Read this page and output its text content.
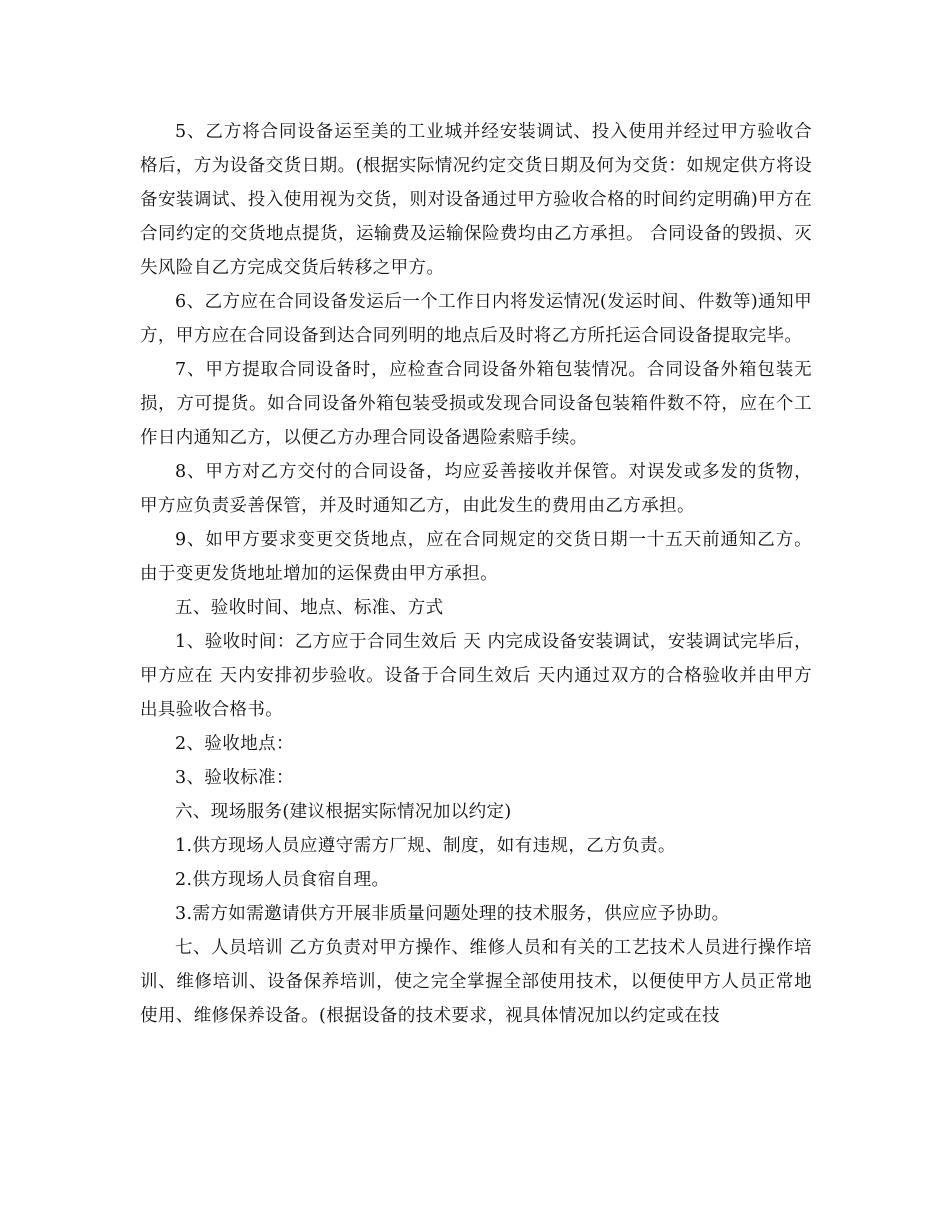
5、乙方将合同设备运至美的工业城并经安装调试、投入使用并经过甲方验收合格后，方为设备交货日期。(根据实际情况约定交货日期及何为交货：如规定供方将设备安装调试、投入使用视为交货，则对设备通过甲方验收合格的时间约定明确)甲方在合同约定的交货地点提货，运输费及运输保险费均由乙方承担。 合同设备的毁损、灭失风险自乙方完成交货后转移之甲方。

6、乙方应在合同设备发运后一个工作日内将发运情况(发运时间、件数等)通知甲方，甲方应在合同设备到达合同列明的地点后及时将乙方所托运合同设备提取完毕。

7、甲方提取合同设备时，应检查合同设备外箱包装情况。合同设备外箱包装无损，方可提货。如合同设备外箱包装受损或发现合同设备包装箱件数不符，应在个工作日内通知乙方，以便乙方办理合同设备遇险索赔手续。

8、甲方对乙方交付的合同设备，均应妥善接收并保管。对误发或多发的货物，甲方应负责妥善保管，并及时通知乙方，由此发生的费用由乙方承担。

9、如甲方要求变更交货地点，应在合同规定的交货日期一十五天前通知乙方。由于变更发货地址增加的运保费由甲方承担。

五、验收时间、地点、标准、方式

1、验收时间：乙方应于合同生效后 天 内完成设备安装调试，安装调试完毕后，甲方应在 天内安排初步验收。设备于合同生效后 天内通过双方的合格验收并由甲方出具验收合格书。

2、验收地点：

3、验收标准：

六、现场服务(建议根据实际情况加以约定)

1.供方现场人员应遵守需方厂规、制度，如有违规，乙方负责。

2.供方现场人员食宿自理。

3.需方如需邀请供方开展非质量问题处理的技术服务，供应应予协助。

七、人员培训 乙方负责对甲方操作、维修人员和有关的工艺技术人员进行操作培训、维修培训、设备保养培训，使之完全掌握全部使用技术，以便使甲方人员正常地使用、维修保养设备。(根据设备的技术要求，视具体情况加以约定或在技
